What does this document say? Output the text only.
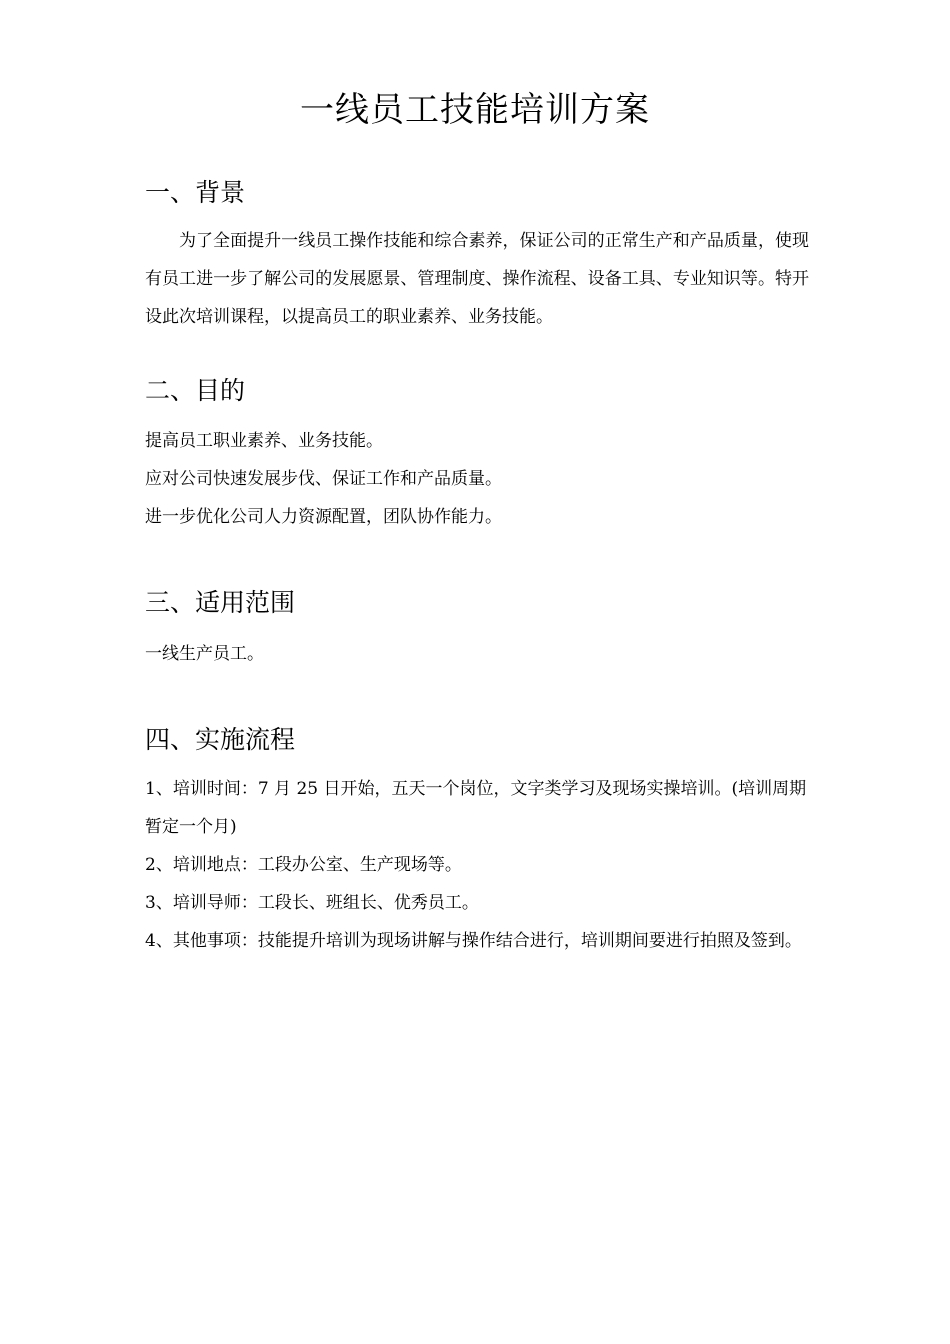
一线员工技能培训方案
一、背景

为了全面提升一线员工操作技能和综合素养，保证公司的正常生产和产品质量，使现有员工进一步了解公司的发展愿景、管理制度、操作流程、设备工具、专业知识等。特开设此次培训课程，以提高员工的职业素养、业务技能。

二、目的
提高员工职业素养、业务技能。
应对公司快速发展步伐、保证工作和产品质量。
进一步优化公司人力资源配置，团队协作能力。
三、适用范围
一线生产员工。
四、实施流程
1、培训时间：7 月 25 日开始，五天一个岗位，文字类学习及现场实操培训。(培训周期暂定一个月)
2、培训地点：工段办公室、生产现场等。
3、培训导师：工段长、班组长、优秀员工。
4、其他事项：技能提升培训为现场讲解与操作结合进行，培训期间要进行拍照及签到。
